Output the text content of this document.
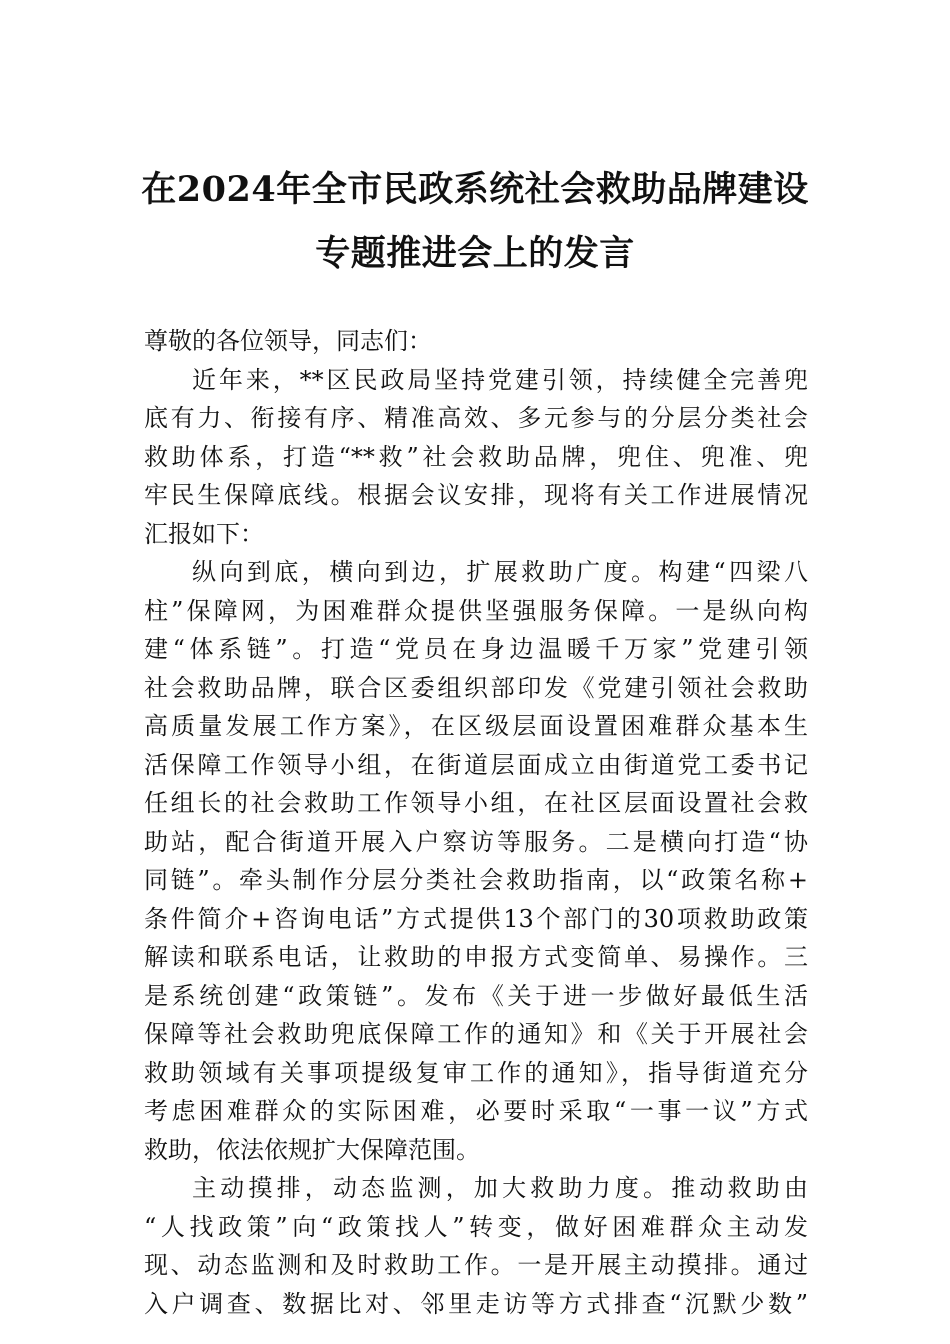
在2024年全市民政系统社会救助品牌建设
专题推进会上的发言
尊敬的各位领导，同志们：
近年来，**区民政局坚持党建引领，持续健全完善兜
底有力、衔接有序、精准高效、多元参与的分层分类社会
救助体系，打造“**救”社会救助品牌，兜住、兜准、兜
牢民生保障底线。根据会议安排，现将有关工作进展情况
汇报如下：
纵向到底，横向到边，扩展救助广度。构建“四梁八
柱”保障网，为困难群众提供坚强服务保障。一是纵向构
建“体系链”。打造“党员在身边温暖千万家”党建引领
社会救助品牌，联合区委组织部印发《党建引领社会救助
高质量发展工作方案》，在区级层面设置困难群众基本生
活保障工作领导小组，在街道层面成立由街道党工委书记
任组长的社会救助工作领导小组，在社区层面设置社会救
助站，配合街道开展入户察访等服务。二是横向打造“协
同链”。牵头制作分层分类社会救助指南，以“政策名称+
条件简介+咨询电话”方式提供13个部门的30项救助政策
解读和联系电话，让救助的申报方式变简单、易操作。三
是系统创建“政策链”。发布《关于进一步做好最低生活
保障等社会救助兜底保障工作的通知》和《关于开展社会
救助领域有关事项提级复审工作的通知》，指导街道充分
考虑困难群众的实际困难，必要时采取“一事一议”方式
救助，依法依规扩大保障范围。
主动摸排，动态监测，加大救助力度。推动救助由
“人找政策”向“政策找人”转变，做好困难群众主动发
现、动态监测和及时救助工作。一是开展主动摸排。通过
入户调查、数据比对、邻里走访等方式排查“沉默少数”
